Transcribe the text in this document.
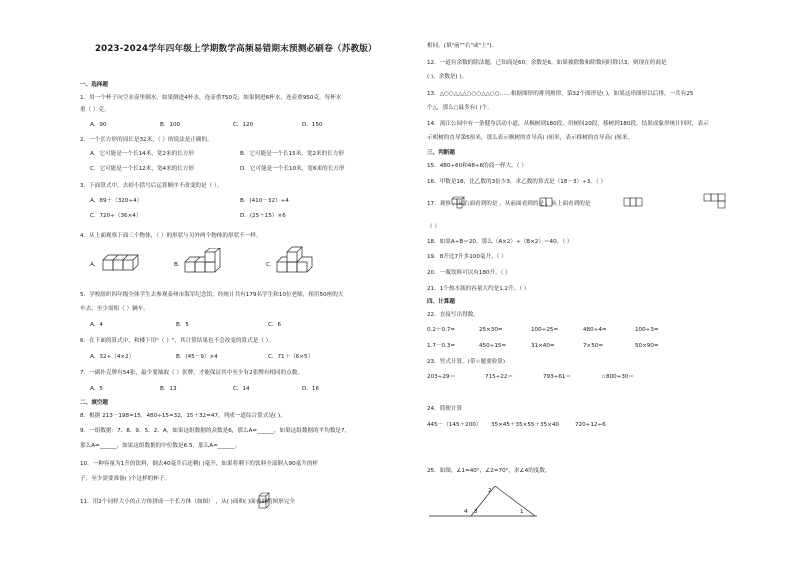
2023-2024学年四年级上学期数学高频易错期末预测必刷卷（苏教版）
一、选择题
1．用一个杯子向空水壶里倒水，如果倒进4杯水，连壶重750克；如果倒进6杯水，连壶重950克，每杯水
重（ ）克。
A．90	B．100	C．120	D．150
2．一个长方形的周长是32米，（ ）的说法是正确的。
A．它可能是一个长14米，宽2米的长方形	B．它可能是一个长15米，宽2米的长方形
C．它可能是一个长12米，宽4米的长方形	D．它可能是一个长10米，宽6米的长方形
3．下面算式中，去掉小括号后运算顺序不改变的是（ ）。
A．89＋（320÷4）	B．(410－32）÷4
C．720÷（36×4）	D．(25＋15）×6
4．从上面观察下面三个物体，（ ）的形状与另外两个物体的形状不一样。
A．	B．	C．
5．学校组织四年级全体学生去参观泰州市海军纪念馆，经统计共有179名学生和10位老师，租用50座的大
车去，至少需租（ ）辆车。
A．4	B．5	C．6
6．在下面的算式中，和楼下用"（ ）"，其计算结果也不会改变的算式是（ ）。
A．32÷（4×2）	B．(45－9）×4	C．71＋（6×5）
7．一副扑克牌有54张，最少要抽取（ ）张牌，才能保证其中至少有2张牌有相同的点数。
A．5	B．13	C．14	D．16
二、填空题
8．根据 213－198=15，480÷15=32，15＋32=47，列成一道综合算式是( )。
9．一组数据：7、8、9、5、2、A，如果这组数据的众数是6，那么A=______，如果这组数据的平均数是7，
那么A=______，如果这组数据的中位数是6.5，那么A=______。
10．一种容量为1升的饮料，倒去40毫升后还剩( )毫升，如果将剩下的饮料全部倒入90毫升的杯
子，至少需要准备( )个这样的杯子。
11．用2个同样大小的正方体拼成一个长方体（如图） ，从( )面和( )面看到的图形完全
相同。(填"前""右"或"上")。
12．一道有余数的除法题，已知商是60，余数是6。如果被除数和除数同时除以3，则现在的商是
( )，余数是( )。
13．△○○△△△○○○△△○○……根据图形的排列规律，第32个图形是( )，如果这串图形以后排，一共有25
个△，那么○最多有( )个。
14．流江公园中有一条健身活动小道，从枫树到180段，用树间20段，移树到180段，结果成象形统计回时，表示
示相树的直导第5厘米，那么表示枫树的直导高( )厘米，表示移树的直导高( )厘米。
三、判断题
15．480÷60和48÷6的商一样大。（ ）
16．甲数是18，比乙数的3倍少3，求乙数的算式是（18－3）÷3。（ ）
17．观察 ，从右面看到的是 ，从前面看到的是 ，从上面看到的是
（ ）
18．如果A÷B＝20，那么（A×2）÷（B×2）＝40。（ ）
19．8升比7升多100毫升。（ ）
20．一瓶饮料可以有180升。（ ）
21．1个热水瓶的容量大约是1.2升。（ ）
四、计算题
22．直接写出得数。
0.2＋0.7=	25×30=	100÷25=	480÷4=	100÷3=
1.7－0.3=	450÷15=	31×40=	7×50=	50×90=
23．竖式计算。(带☆题要验算)
203÷29＝	715÷22＝	793÷61＝	☆800÷30＝
24．简便计算
445－（145＋200） 35×45＋35×55＋35×40	720÷12÷6
25．如图，∠1=40°，∠2=70°，求∠4的度数。
2
4 3	1
